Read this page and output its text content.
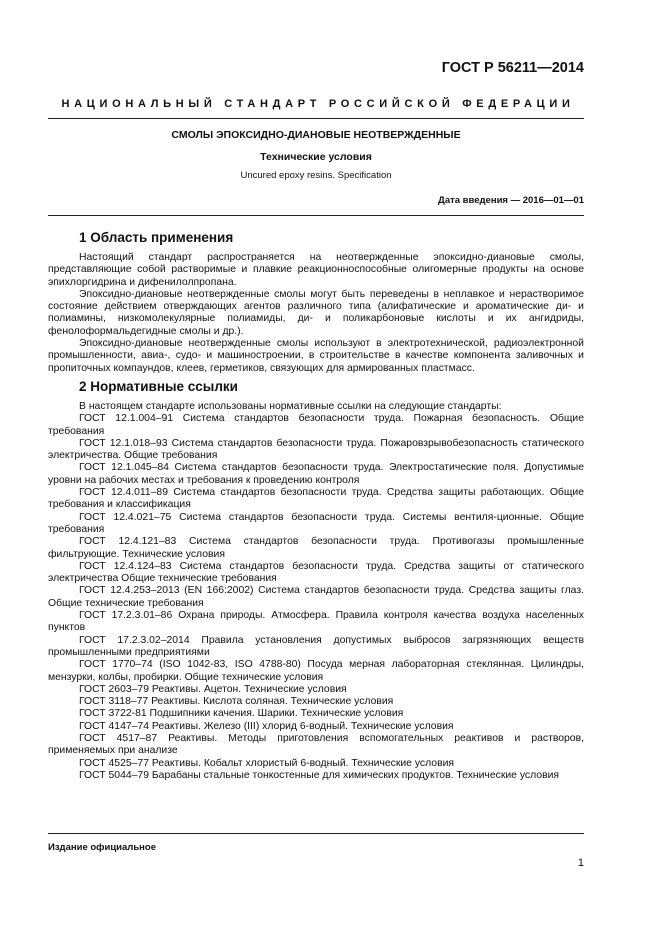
ГОСТ Р 56211—2014
НАЦИОНАЛЬНЫЙ СТАНДАРТ РОССИЙСКОЙ ФЕДЕРАЦИИ
СМОЛЫ ЭПОКСИДНО-ДИАНОВЫЕ НЕОТВЕРЖДЕННЫЕ
Технические условия
Uncured epoxy resins. Specification
Дата введения — 2016—01—01
1 Область применения

Настоящий стандарт распространяется на неотвержденные эпоксидно-диановые смолы, представляющие собой растворимые и плавкие реакционноспособные олигомерные продукты на основе эпихлоргидрина и дифенилолпропана.

Эпоксидно-диановые неотвержденные смолы могут быть переведены в неплавкое и нерастворимое состояние действием отверждающих агентов различного типа (алифатические и ароматические ди- и полиамины, низкомолекулярные полиамиды, ди- и поликарбоновые кислоты и их ангидриды, фенолоформальдегидные смолы и др.).

Эпоксидно-диановые неотвержденные смолы используют в электротехнической, радиоэлектронной промышленности, авиа-, судо- и машиностроении, в строительстве в качестве компонента заливочных и пропиточных компаундов, клеев, герметиков, связующих для армированных пластмасс.

2 Нормативные ссылки

В настоящем стандарте использованы нормативные ссылки на следующие стандарты:

ГОСТ 12.1.004–91 Система стандартов безопасности труда. Пожарная безопасность. Общие требования

ГОСТ 12.1.018–93 Система стандартов безопасности труда. Пожаровзрывобезопасность статического электричества. Общие требования

ГОСТ 12.1.045–84 Система стандартов безопасности труда. Электростатические поля. Допустимые уровни на рабочих местах и требования к проведению контроля

ГОСТ 12.4.011–89 Система стандартов безопасности труда. Средства защиты работающих. Общие требования и классификация

ГОСТ 12.4.021–75 Система стандартов безопасности труда. Системы вентиля-ционные. Общие требования

ГОСТ 12.4.121–83 Система стандартов безопасности труда. Противогазы промышленные фильтрующие. Технические условия

ГОСТ 12.4.124–83 Система стандартов безопасности труда. Средства защиты от статического электричества Общие технические требования

ГОСТ 12.4.253–2013 (EN 166:2002) Система стандартов безопасности труда. Средства защиты глаз. Общие технические требования

ГОСТ 17.2.3.01–86 Охрана природы. Атмосфера. Правила контроля качества воздуха населенных пунктов

ГОСТ 17.2.3.02–2014 Правила установления допустимых выбросов загрязняющих веществ промышленными предприятиями

ГОСТ 1770–74 (ISO 1042-83, ISO 4788-80) Посуда мерная лабораторная стеклянная. Цилиндры, мензурки, колбы, пробирки. Общие технические условия

ГОСТ 2603–79 Реактивы. Ацетон. Технические условия

ГОСТ 3118–77 Реактивы. Кислота соляная. Технические условия

ГОСТ 3722-81 Подшипники качения. Шарики. Технические условия

ГОСТ 4147–74 Реактивы. Железо (III) хлорид 6-водный. Технические условия

ГОСТ 4517–87 Реактивы. Методы приготовления вспомогательных реактивов и растворов, применяемых при анализе

ГОСТ 4525–77 Реактивы. Кобальт хлористый 6-водный. Технические условия

ГОСТ 5044–79 Барабаны стальные тонкостенные для химических продуктов. Технические условия

Издание официальное
1
